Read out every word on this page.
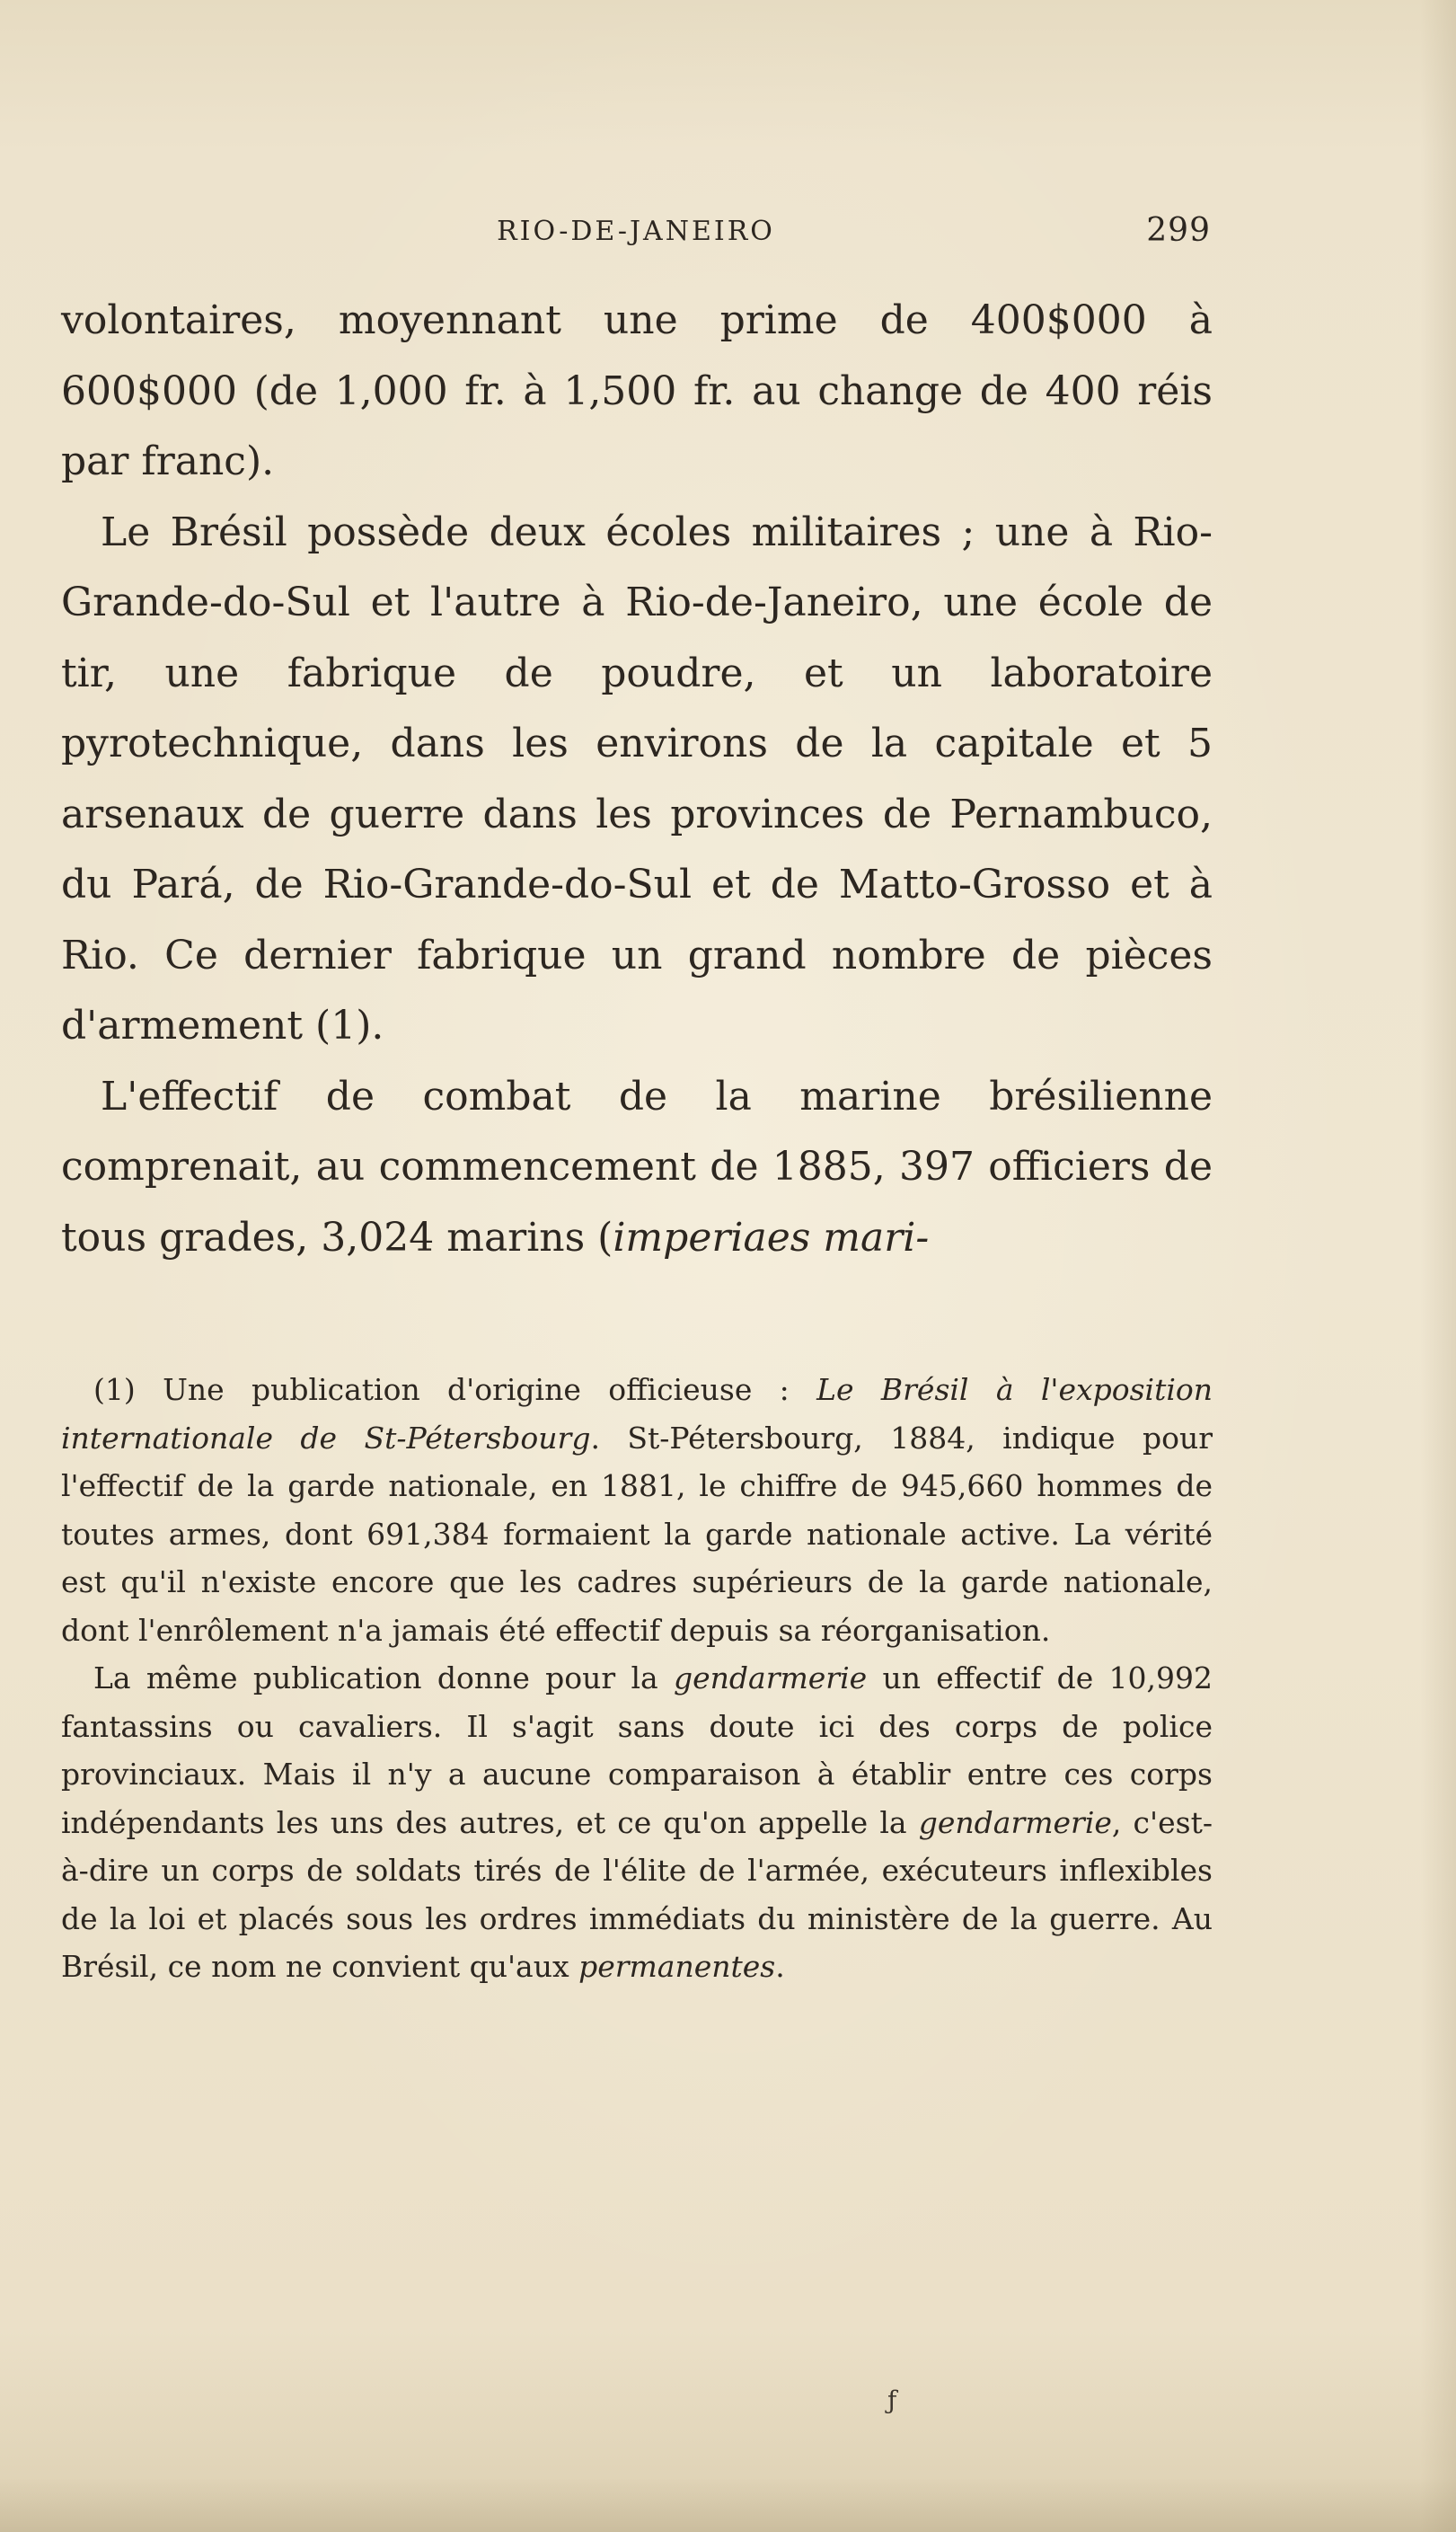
RIO-DE-JANEIRO	299

volontaires, moyennant une prime de 400$000 à 600$000 (de 1,000 fr. à 1,500 fr. au change de 400 réis par franc).

Le Brésil possède deux écoles militaires ; une à Rio-Grande-do-Sul et l'autre à Rio-de-Janeiro, une école de tir, une fabrique de poudre, et un laboratoire pyrotechnique, dans les environs de la capitale et 5 arsenaux de guerre dans les provinces de Pernambuco, du Pará, de Rio-Grande-do-Sul et de Matto-Grosso et à Rio. Ce dernier fabrique un grand nombre de pièces d'armement (1).

L'effectif de combat de la marine brésilienne comprenait, au commencement de 1885, 397 officiers de tous grades, 3,024 marins (imperiaes mari-

(1) Une publication d'origine officieuse : Le Brésil à l'exposition internationale de St-Pétersbourg. St-Pétersbourg, 1884, indique pour l'effectif de la garde nationale, en 1881, le chiffre de 945,660 hommes de toutes armes, dont 691,384 formaient la garde nationale active. La vérité est qu'il n'existe encore que les cadres supérieurs de la garde nationale, dont l'enrôlement n'a jamais été effectif depuis sa réorganisation.

La même publication donne pour la gendarmerie un effectif de 10,992 fantassins ou cavaliers. Il s'agit sans doute ici des corps de police provinciaux. Mais il n'y a aucune comparaison à établir entre ces corps indépendants les uns des autres, et ce qu'on appelle la gendarmerie, c'est-à-dire un corps de soldats tirés de l'élite de l'armée, exécuteurs inflexibles de la loi et placés sous les ordres immédiats du ministère de la guerre. Au Brésil, ce nom ne convient qu'aux permanentes.

ƒ
